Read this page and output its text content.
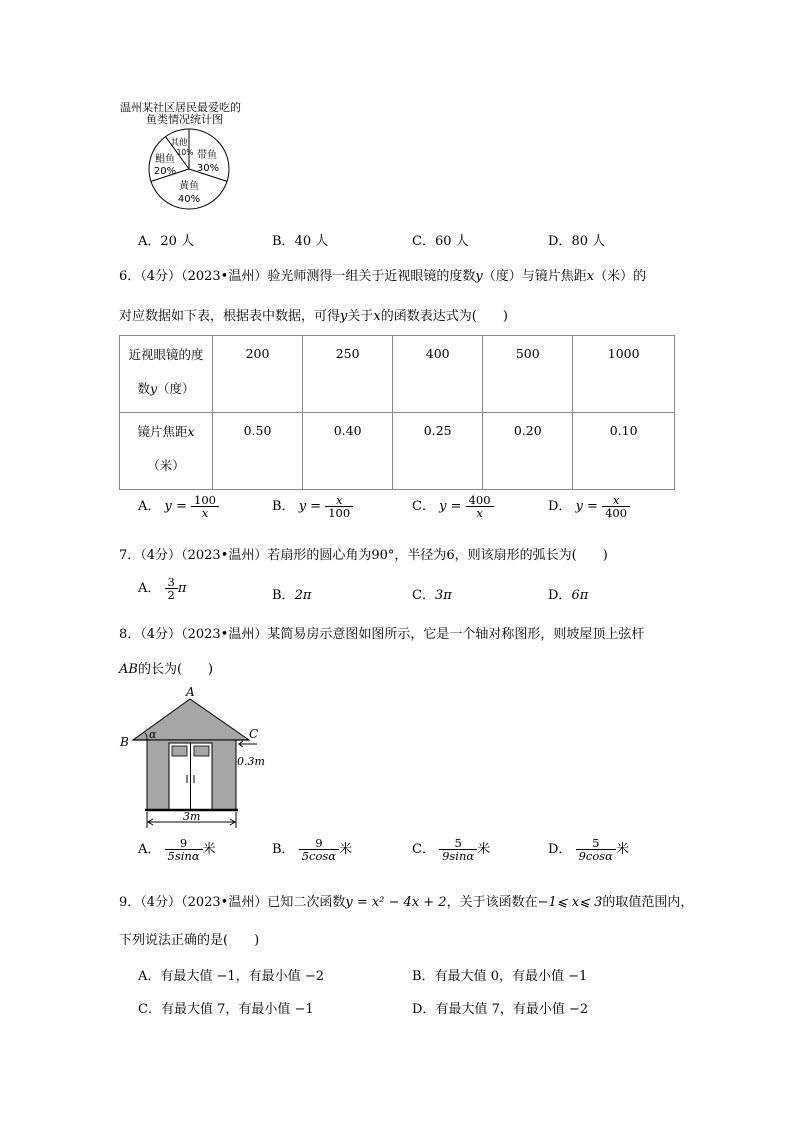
温州某社区居民最爱吃的
鱼类情况统计图
带鱼
30%
黄鱼
40%
鲳鱼
20%
其他
10%
A．20 人	B．40 人	C．60 人	D．80 人
6．（4分）（2023•温州）验光师测得一组关于近视眼镜的度数y（度）与镜片焦距x（米）的
对应数据如下表，根据表中数据，可得y关于x的函数表达式为(　　)
近视眼镜的度
数y（度）	200	250	400	500	1000
镜片焦距x
（米）	0.50	0.40	0.25	0.20	0.10
A． $y = \frac{100}{x}$	B． $y = \frac{x}{100}$	C． $y = \frac{400}{x}$	D． $y = \frac{x}{400}$
7．（4分）（2023•温州）若扇形的圆心角为90°，半径为6，则该扇形的弧长为(　　)
A． $\frac{3}{2}$ π	B．2π	C．3π	D．6π
8．（4分）（2023•温州）某简易房示意图如图所示，它是一个轴对称图形，则坡屋顶上弦杆
AB的长为(　　)
A
B
C
α
0.3m
3m
A． $\frac{9}{5\sin\alpha}$ 米	B． $\frac{9}{5\cos\alpha}$ 米	C． $\frac{5}{9\sin\alpha}$ 米	D． $\frac{5}{9\cos\alpha}$ 米
9．（4分）（2023•温州）已知二次函数y = x² − 4x + 2，关于该函数在−1⩽ x⩽ 3的取值范围内，
下列说法正确的是(　　)
A．有最大值 −1，有最小值 −2	B．有最大值 0，有最小值 −1
C．有最大值 7，有最小值 −1	D．有最大值 7，有最小值 −2
